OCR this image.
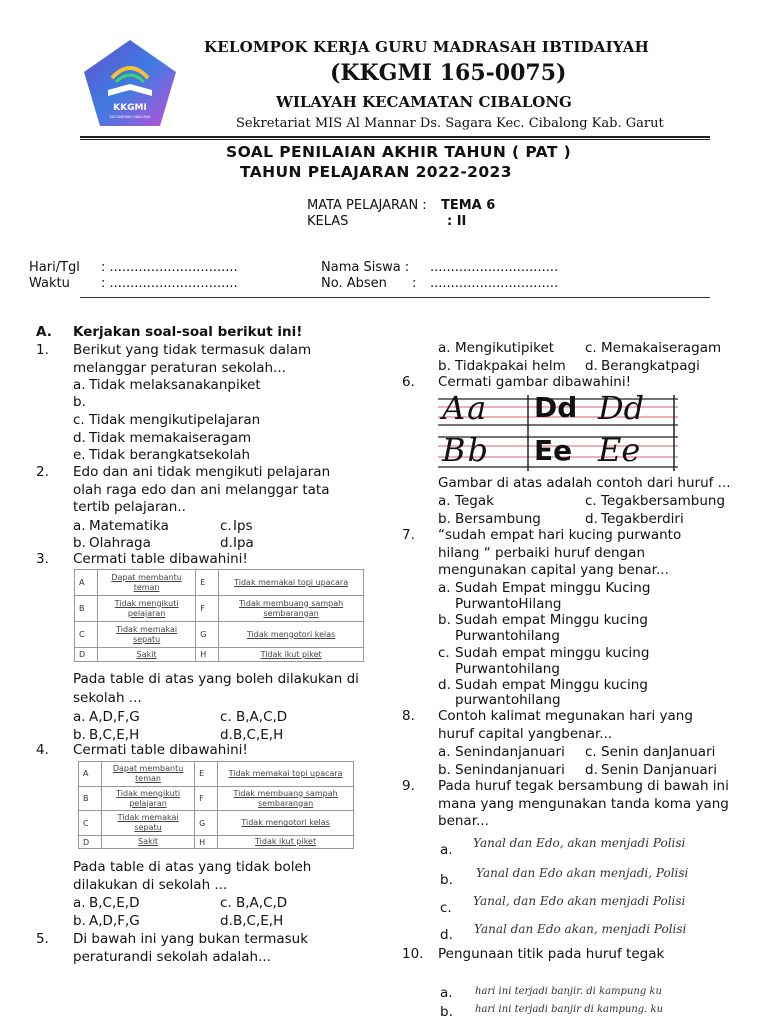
KKGMI
KECAMATAN CIBALONG
KELOMPOK KERJA GURU MADRASAH IBTIDAIYAH
(KKGMI 165-0075)
WILAYAH KECAMATAN CIBALONG
Sekretariat MIS Al Mannar Ds. Sagara Kec. Cibalong Kab. Garut
SOAL PENILAIAN AKHIR TAHUN ( PAT )
TAHUN PELAJARAN 2022-2023
MATA PELAJARAN : TEMA 6
KELAS	: II
Hari/Tgl : ...............................
Waktu : ...............................
Nama Siswa : ...............................
No. Absen : ...............................
A. Kerjakan soal-soal berikut ini!
1. Berikut yang tidak termasuk dalam
melanggar peraturan sekolah...
a. Tidak melaksanakanpiket
b.
c. Tidak mengikutipelajaran
d. Tidak memakaiseragam
e. Tidak berangkatsekolah
2. Edo dan ani tidak mengikuti pelajaran
olah raga edo dan ani melanggar tata
tertib pelajaran..
a. Matematika	c. Ips
b. Olahraga	d. Ipa
3. Cermati table dibawahini!
A	Dapat membantu teman	E	Tidak memakai topi upacara
B	Tidak mengikuti pelajaran	F	Tidak membuang sampah sembarangan
C	Tidak memakai sepatu	G	Tidak mengotori kelas
D	Sakit	H	Tidak ikut piket
Pada table di atas yang boleh dilakukan di
sekolah ...
a. A,D,F,G	c. B,A,C,D
b. B,C,E,H	d. B,C,E,H
4. Cermati table dibawahini!
A	Dapat membantu teman	E	Tidak memakai topi upacara
B	Tidak mengikuti pelajaran	F	Tidak membuang sampah sembarangan
C	Tidak memakai sepatu	G	Tidak mengotori kelas
D	Sakit	H	Tidak ikut piket
Pada table di atas yang tidak boleh
dilakukan di sekolah ...
a. B,C,E,D	c. B,A,C,D
b. A,D,F,G	d. B,C,E,H
5. Di bawah ini yang bukan termasuk
peraturandi sekolah adalah...
a. Mengikutipiket c. Memakaiseragam
b. Tidakpakai helm d. Berangkatpagi
6. Cermati gambar dibawahini!
Aa Dd Dd
Bb Ee Ee
Gambar di atas adalah contoh dari huruf ...
a. Tegak	c. Tegakbersambung
b. Bersambung	d. Tegakberdiri
7. “sudah empat hari kucing purwanto
hilang “ perbaiki huruf dengan
mengunakan capital yang benar...
a. Sudah Empat minggu Kucing
PurwantoHilang
b. Sudah empat Minggu kucing
Purwantohilang
c. Sudah empat minggu kucing
Purwantohilang
d. Sudah empat Minggu kucing
purwantohilang
8. Contoh kalimat megunakan hari yang
huruf capital yangbenar...
a. Senindanjanuari c. Senin danJanuari
b. Senindanjanuari d. Senin Danjanuari
9. Pada huruf tegak bersambung di bawah ini
mana yang mengunakan tanda koma yang
benar...
a. Yanal dan Edo, akan menjadi Polisi
b. Yanal dan Edo akan menjadi, Polisi
c. Yanal, dan Edo akan menjadi Polisi
d. Yanal dan Edo akan, menjadi Polisi
10. Pengunaan titik pada huruf tegak
a. hari ini terjadi banjir. di kampung ku
b. hari ini terjadi banjir di kampung. ku
